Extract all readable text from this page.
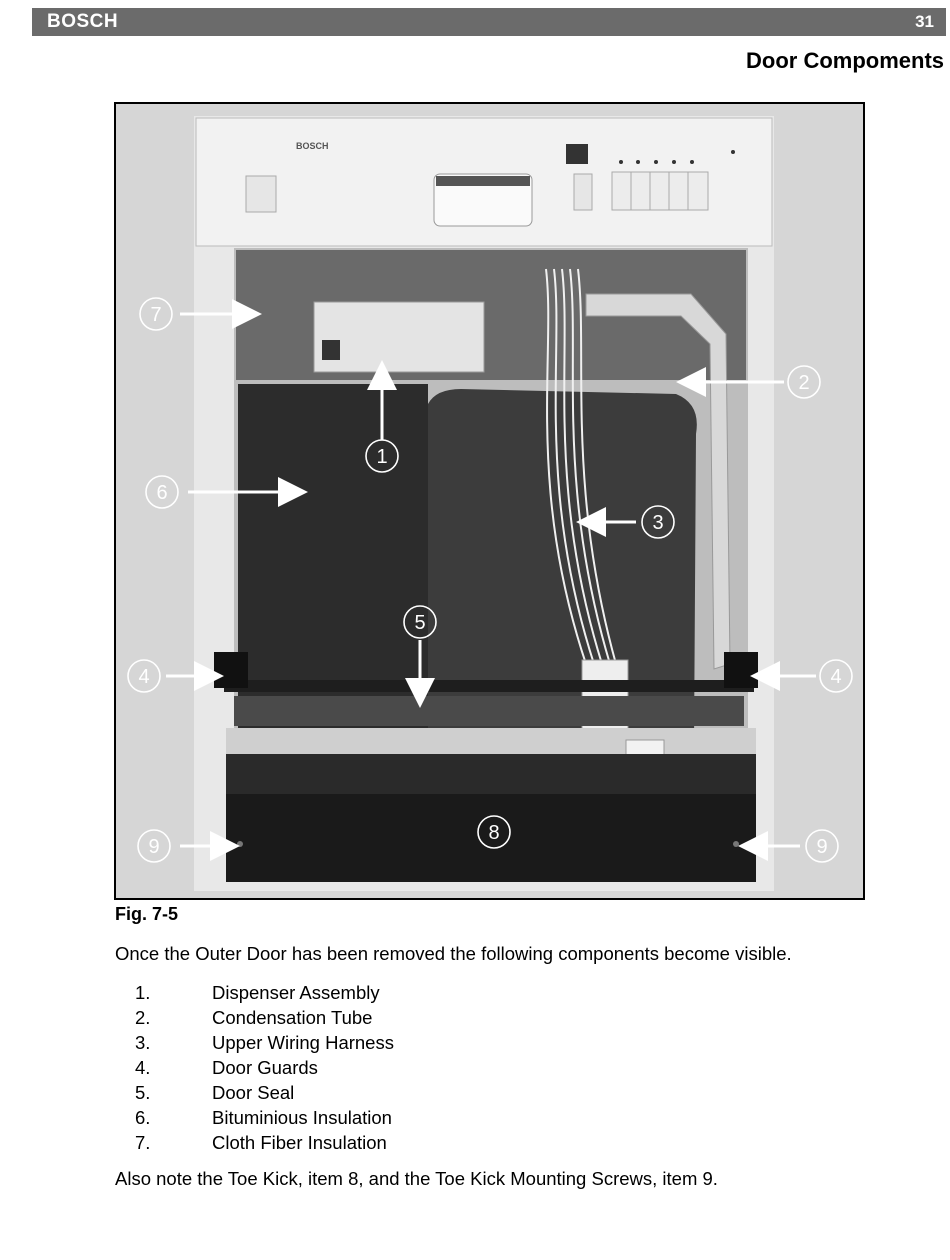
BOSCH	31
Door Compoments
BOSCH
7
1
2
3
4	4
5
6
8
9	9
Fig. 7-5
Once the Outer Door has been removed the following components become visible.
1.	Dispenser Assembly
2.	Condensation Tube
3.	Upper Wiring Harness
4.	Door Guards
5.	Door Seal
6.	Bituminious Insulation
7.	Cloth Fiber Insulation
Also note the Toe Kick, item 8, and the Toe Kick Mounting Screws, item 9.
